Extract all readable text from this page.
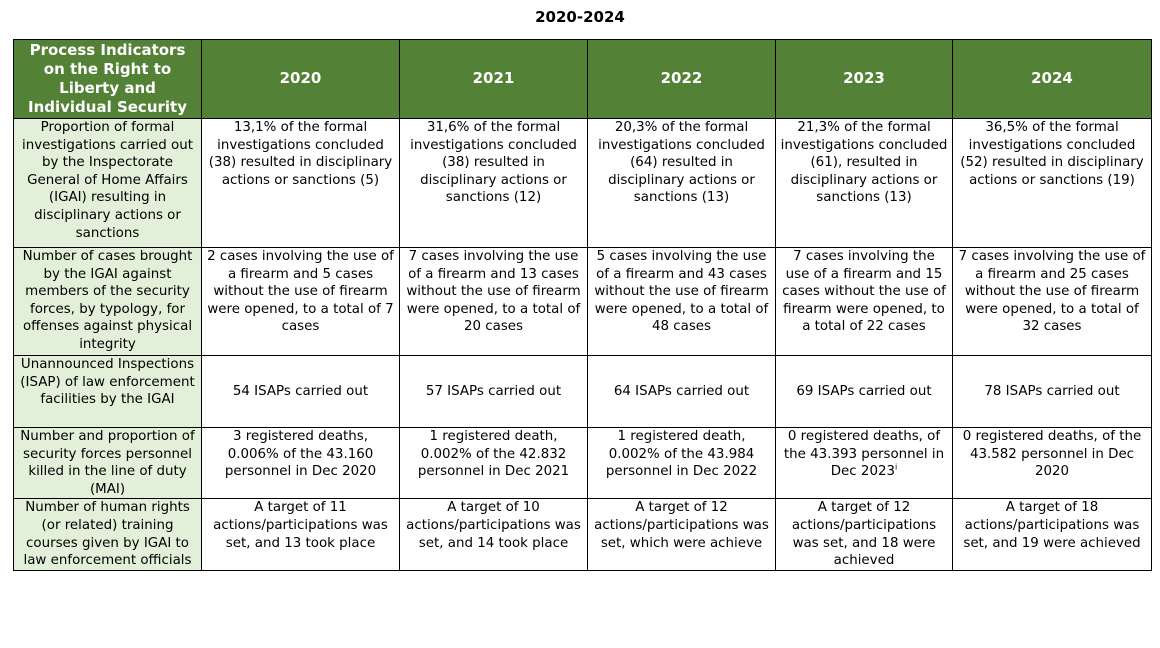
2020-2024
Process Indicators on the Right to Liberty and Individual Security	2020	2021	2022	2023	2024
Proportion of formal investigations carried out by the Inspectorate General of Home Affairs (IGAI) resulting in disciplinary actions or sanctions	13,1% of the formal investigations concluded (38) resulted in disciplinary actions or sanctions (5)	31,6% of the formal investigations concluded (38) resulted in disciplinary actions or sanctions (12)	20,3% of the formal investigations concluded (64) resulted in disciplinary actions or sanctions (13)	21,3% of the formal investigations concluded (61), resulted in disciplinary actions or sanctions (13)	36,5% of the formal investigations concluded (52) resulted in disciplinary actions or sanctions (19)
Number of cases brought by the IGAI against members of the security forces, by typology, for offenses against physical integrity	2 cases involving the use of a firearm and 5 cases without the use of firearm were opened, to a total of 7 cases	7 cases involving the use of a firearm and 13 cases without the use of firearm were opened, to a total of 20 cases	5 cases involving the use of a firearm and 43 cases without the use of firearm were opened, to a total of 48 cases	7 cases involving the use of a firearm and 15 cases without the use of firearm were opened, to a total of 22 cases	7 cases involving the use of a firearm and 25 cases without the use of firearm were opened, to a total of 32 cases
Unannounced Inspections (ISAP) of law enforcement facilities by the IGAI	54 ISAPs carried out	57 ISAPs carried out	64 ISAPs carried out	69 ISAPs carried out	78 ISAPs carried out
Number and proportion of security forces personnel killed in the line of duty (MAI)	3 registered deaths, 0.006% of the 43.160 personnel in Dec 2020	1 registered death, 0.002% of the 42.832 personnel in Dec 2021	1 registered death, 0.002% of the 43.984 personnel in Dec 2022	0 registered deaths, of the 43.393 personnel in Dec 2023$^i$	0 registered deaths, of the 43.582 personnel in Dec 2020
Number of human rights (or related) training courses given by IGAI to law enforcement officials	A target of 11 actions/participations was set, and 13 took place	A target of 10 actions/participations was set, and 14 took place	A target of 12 actions/participations was set, which were achieve	A target of 12 actions/participations was set, and 18 were achieved	A target of 18 actions/participations was set, and 19 were achieved
